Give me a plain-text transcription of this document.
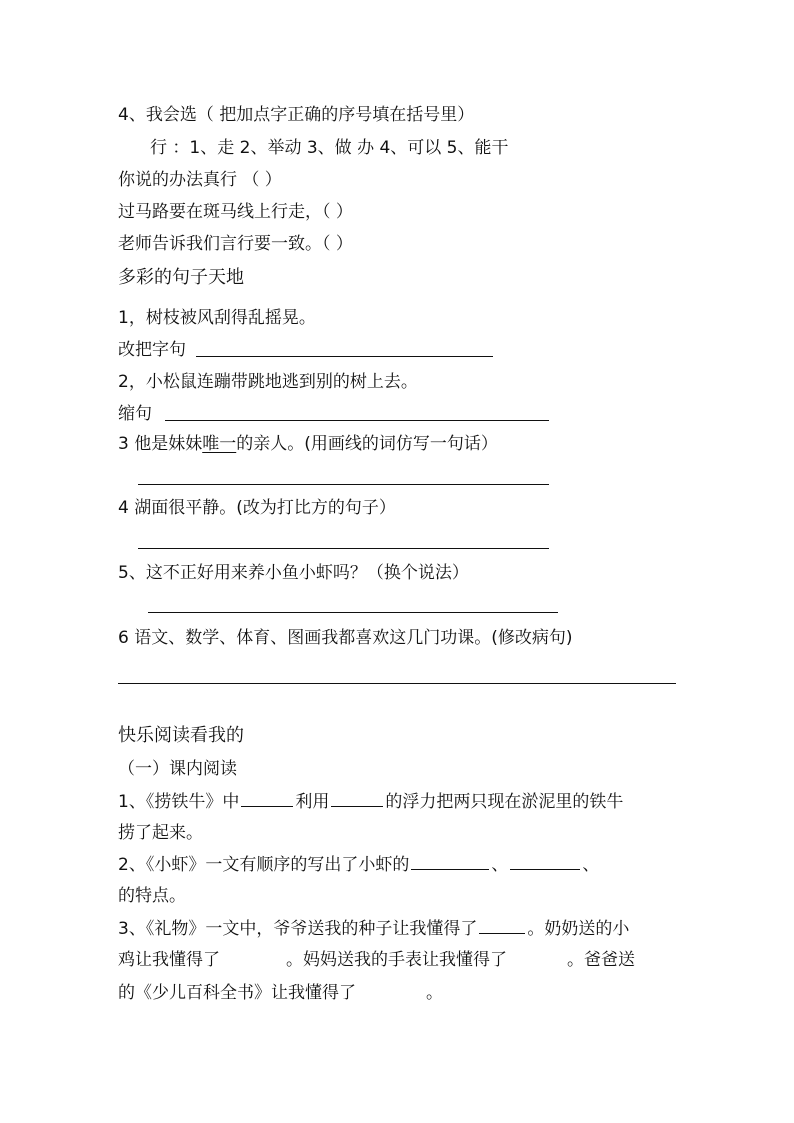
4、我会选（ 把加点字正确的序号填在括号里）
行 ：1、走 2、举动 3、做 办 4、可以 5、能干
你说的办法真行 （ ）
过马路要在斑马线上行走，（ ）
老师告诉我们言行要一致。（ ）
多彩的句子天地
1，树枝被风刮得乱摇晃。
改把字句
2，小松鼠连蹦带跳地逃到别的树上去。
缩句
3 他是妹妹唯一的亲人。(用画线的词仿写一句话）
4 湖面很平静。(改为打比方的句子）
5、这不正好用来养小鱼小虾吗？（换个说法）
6 语文、数学、体育、图画我都喜欢这几门功课。(修改病句)
快乐阅读看我的
（一）课内阅读
1、《捞铁牛》中	利用	的浮力把两只现在淤泥里的铁牛
捞了起来。
2、《小虾》一文有顺序的写出了小虾的	、	、
的特点。
3、《礼物》一文中，爷爷送我的种子让我懂得了	。奶奶送的小
鸡让我懂得了	。妈妈送我的手表让我懂得了	。爸爸送
的《少儿百科全书》让我懂得了	。
